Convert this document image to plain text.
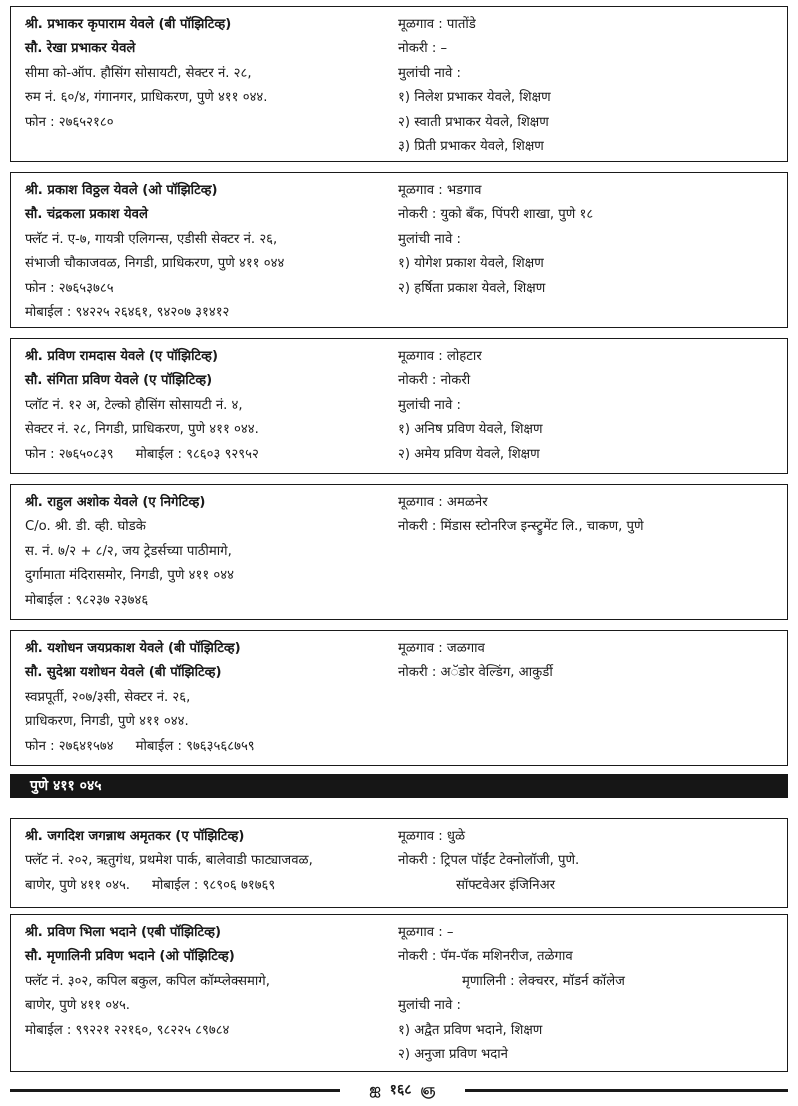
श्री. प्रभाकर कृपाराम येवले (बी पॉझिटिव्ह)
सौ. रेखा प्रभाकर येवले
सीमा को-ऑप. हौसिंग सोसायटी, सेक्टर नं. २८,
रुम नं. ६०/४, गंगानगर, प्राधिकरण, पुणे ४११ ०४४.
फोन : २७६५२१८०
मूळगाव : पातोंडे
नोकरी : –
मुलांची नावे :
१) निलेश प्रभाकर येवले, शिक्षण
२) स्वाती प्रभाकर येवले, शिक्षण
३) प्रिती प्रभाकर येवले, शिक्षण
श्री. प्रकाश विठ्ठल येवले (ओ पॉझिटिव्ह)
सौ. चंद्रकला प्रकाश येवले
फ्लॅट नं. ए-७, गायत्री एलिगन्स, एडीसी सेक्टर नं. २६,
संभाजी चौकाजवळ, निगडी, प्राधिकरण, पुणे ४११ ०४४
फोन : २७६५३७८५
मोबाईल : ९४२२५ २६४६१, ९४२०७ ३१४१२
मूळगाव : भडगाव
नोकरी : युको बँक, पिंपरी शाखा, पुणे १८
मुलांची नावे :
१) योगेश प्रकाश येवले, शिक्षण
२) हर्षिता प्रकाश येवले, शिक्षण
श्री. प्रविण रामदास येवले (ए पॉझिटिव्ह)
सौ. संगिता प्रविण येवले (ए पॉझिटिव्ह)
प्लॉट नं. १२ अ, टेल्को हौसिंग सोसायटी नं. ४,
सेक्टर नं. २८, निगडी, प्राधिकरण, पुणे ४११ ०४४.
फोन : २७६५०८३९ मोबाईल : ९८६०३ ९२९५२
मूळगाव : लोहटार
नोकरी : नोकरी
मुलांची नावे :
१) अनिष प्रविण येवले, शिक्षण
२) अमेय प्रविण येवले, शिक्षण
श्री. राहुल अशोक येवले (ए निगेटिव्ह)
C/o. श्री. डी. व्ही. घोडके
स. नं. ७/२ + ८/२, जय ट्रेडर्सच्या पाठीमागे,
दुर्गामाता मंदिरासमोर, निगडी, पुणे ४११ ०४४
मोबाईल : ९८२३७ २३७४६
मूळगाव : अमळनेर
नोकरी : मिंडास स्टोनरिज इन्स्ट्रुमेंट लि., चाकण, पुणे
श्री. यशोधन जयप्रकाश येवले (बी पॉझिटिव्ह)
सौ. सुदेश्ना यशोधन येवले (बी पॉझिटिव्ह)
स्वप्नपूर्ती, २०७/३सी, सेक्टर नं. २६,
प्राधिकरण, निगडी, पुणे ४११ ०४४.
फोन : २७६४१५७४ मोबाईल : ९७६३५६८७५९
मूळगाव : जळगाव
नोकरी : अॅडोर वेल्डिंग, आकुर्डी
श्री. जगदिश जगन्नाथ अमृतकर (ए पॉझिटिव्ह)
फ्लॅट नं. २०२, ऋतुगंध, प्रथमेश पार्क, बालेवाडी फाट्याजवळ,
बाणेर, पुणे ४११ ०४५. मोबाईल : ९८९०६ ७१७६९
मूळगाव : धुळे
नोकरी : ट्रिपल पॉईंट टेक्नोलॉजी, पुणे.
सॉफ्टवेअर इंजिनिअर
श्री. प्रविण भिला भदाने (एबी पॉझिटिव्ह)
सौ. मृणालिनी प्रविण भदाने (ओ पॉझिटिव्ह)
फ्लॅट नं. ३०२, कपिल बकुल, कपिल कॉम्प्लेक्समागे,
बाणेर, पुणे ४११ ०४५.
मोबाईल : ९९२२१ २२१६०, ९८२२५ ८९७८४
मूळगाव : –
नोकरी : पॅम-पॅक मशिनरीज, तळेगाव
मृणालिनी : लेक्चरर, मॉडर्न कॉलेज
मुलांची नावे :
१) अद्वैत प्रविण भदाने, शिक्षण
२) अनुजा प्रविण भदाने
पुणे ४११ ०४५
ஐ १६८ ஞ
